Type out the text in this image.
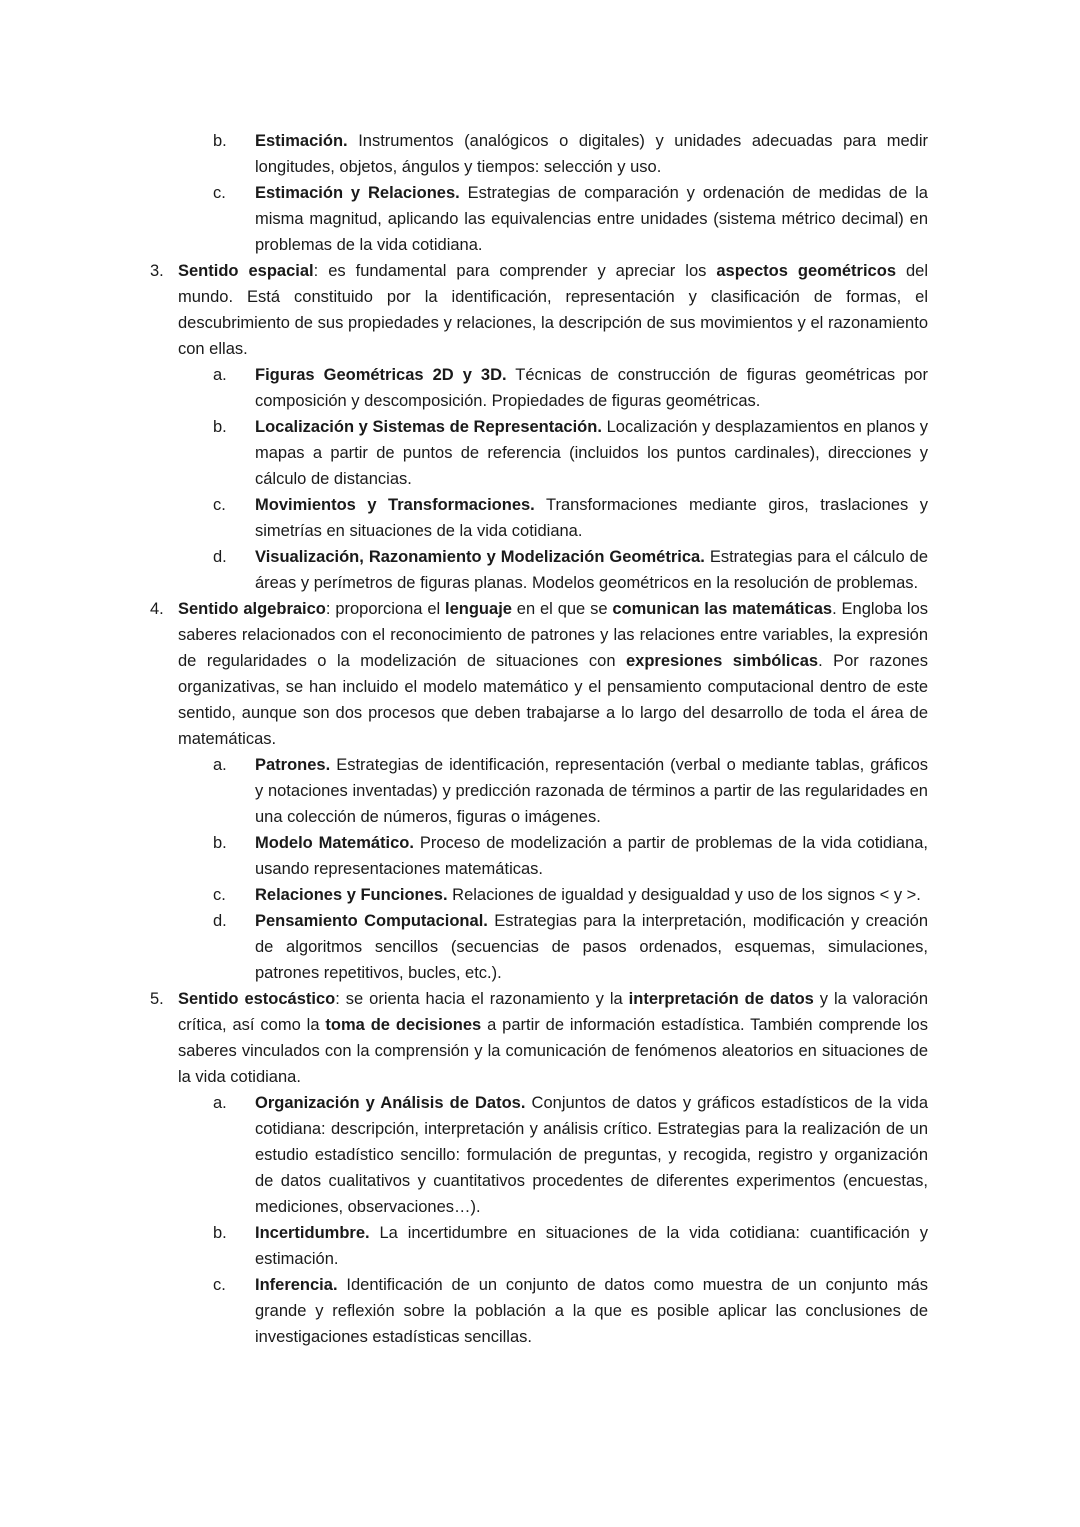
b.	Estimación. Instrumentos (analógicos o digitales) y unidades adecuadas para medir longitudes, objetos, ángulos y tiempos: selección y uso.
c.	Estimación y Relaciones. Estrategias de comparación y ordenación de medidas de la misma magnitud, aplicando las equivalencias entre unidades (sistema métrico decimal) en problemas de la vida cotidiana.
3. Sentido espacial: es fundamental para comprender y apreciar los aspectos geométricos del mundo. Está constituido por la identificación, representación y clasificación de formas, el descubrimiento de sus propiedades y relaciones, la descripción de sus movimientos y el razonamiento con ellas.
a.	Figuras Geométricas 2D y 3D. Técnicas de construcción de figuras geométricas por composición y descomposición. Propiedades de figuras geométricas.
b.	Localización y Sistemas de Representación. Localización y desplazamientos en planos y mapas a partir de puntos de referencia (incluidos los puntos cardinales), direcciones y cálculo de distancias.
c.	Movimientos y Transformaciones. Transformaciones mediante giros, traslaciones y simetrías en situaciones de la vida cotidiana.
d.	Visualización, Razonamiento y Modelización Geométrica. Estrategias para el cálculo de áreas y perímetros de figuras planas. Modelos geométricos en la resolución de problemas.
4. Sentido algebraico: proporciona el lenguaje en el que se comunican las matemáticas. Engloba los saberes relacionados con el reconocimiento de patrones y las relaciones entre variables, la expresión de regularidades o la modelización de situaciones con expresiones simbólicas. Por razones organizativas, se han incluido el modelo matemático y el pensamiento computacional dentro de este sentido, aunque son dos procesos que deben trabajarse a lo largo del desarrollo de toda el área de matemáticas.
a.	Patrones. Estrategias de identificación, representación (verbal o mediante tablas, gráficos y notaciones inventadas) y predicción razonada de términos a partir de las regularidades en una colección de números, figuras o imágenes.
b.	Modelo Matemático. Proceso de modelización a partir de problemas de la vida cotidiana, usando representaciones matemáticas.
c.	Relaciones y Funciones. Relaciones de igualdad y desigualdad y uso de los signos < y >.
d.	Pensamiento Computacional. Estrategias para la interpretación, modificación y creación de algoritmos sencillos (secuencias de pasos ordenados, esquemas, simulaciones, patrones repetitivos, bucles, etc.).
5. Sentido estocástico: se orienta hacia el razonamiento y la interpretación de datos y la valoración crítica, así como la toma de decisiones a partir de información estadística. También comprende los saberes vinculados con la comprensión y la comunicación de fenómenos aleatorios en situaciones de la vida cotidiana.
a.	Organización y Análisis de Datos. Conjuntos de datos y gráficos estadísticos de la vida cotidiana: descripción, interpretación y análisis crítico. Estrategias para la realización de un estudio estadístico sencillo: formulación de preguntas, y recogida, registro y organización de datos cualitativos y cuantitativos procedentes de diferentes experimentos (encuestas, mediciones, observaciones…).
b.	Incertidumbre. La incertidumbre en situaciones de la vida cotidiana: cuantificación y estimación.
c.	Inferencia. Identificación de un conjunto de datos como muestra de un conjunto más grande y reflexión sobre la población a la que es posible aplicar las conclusiones de investigaciones estadísticas sencillas.
